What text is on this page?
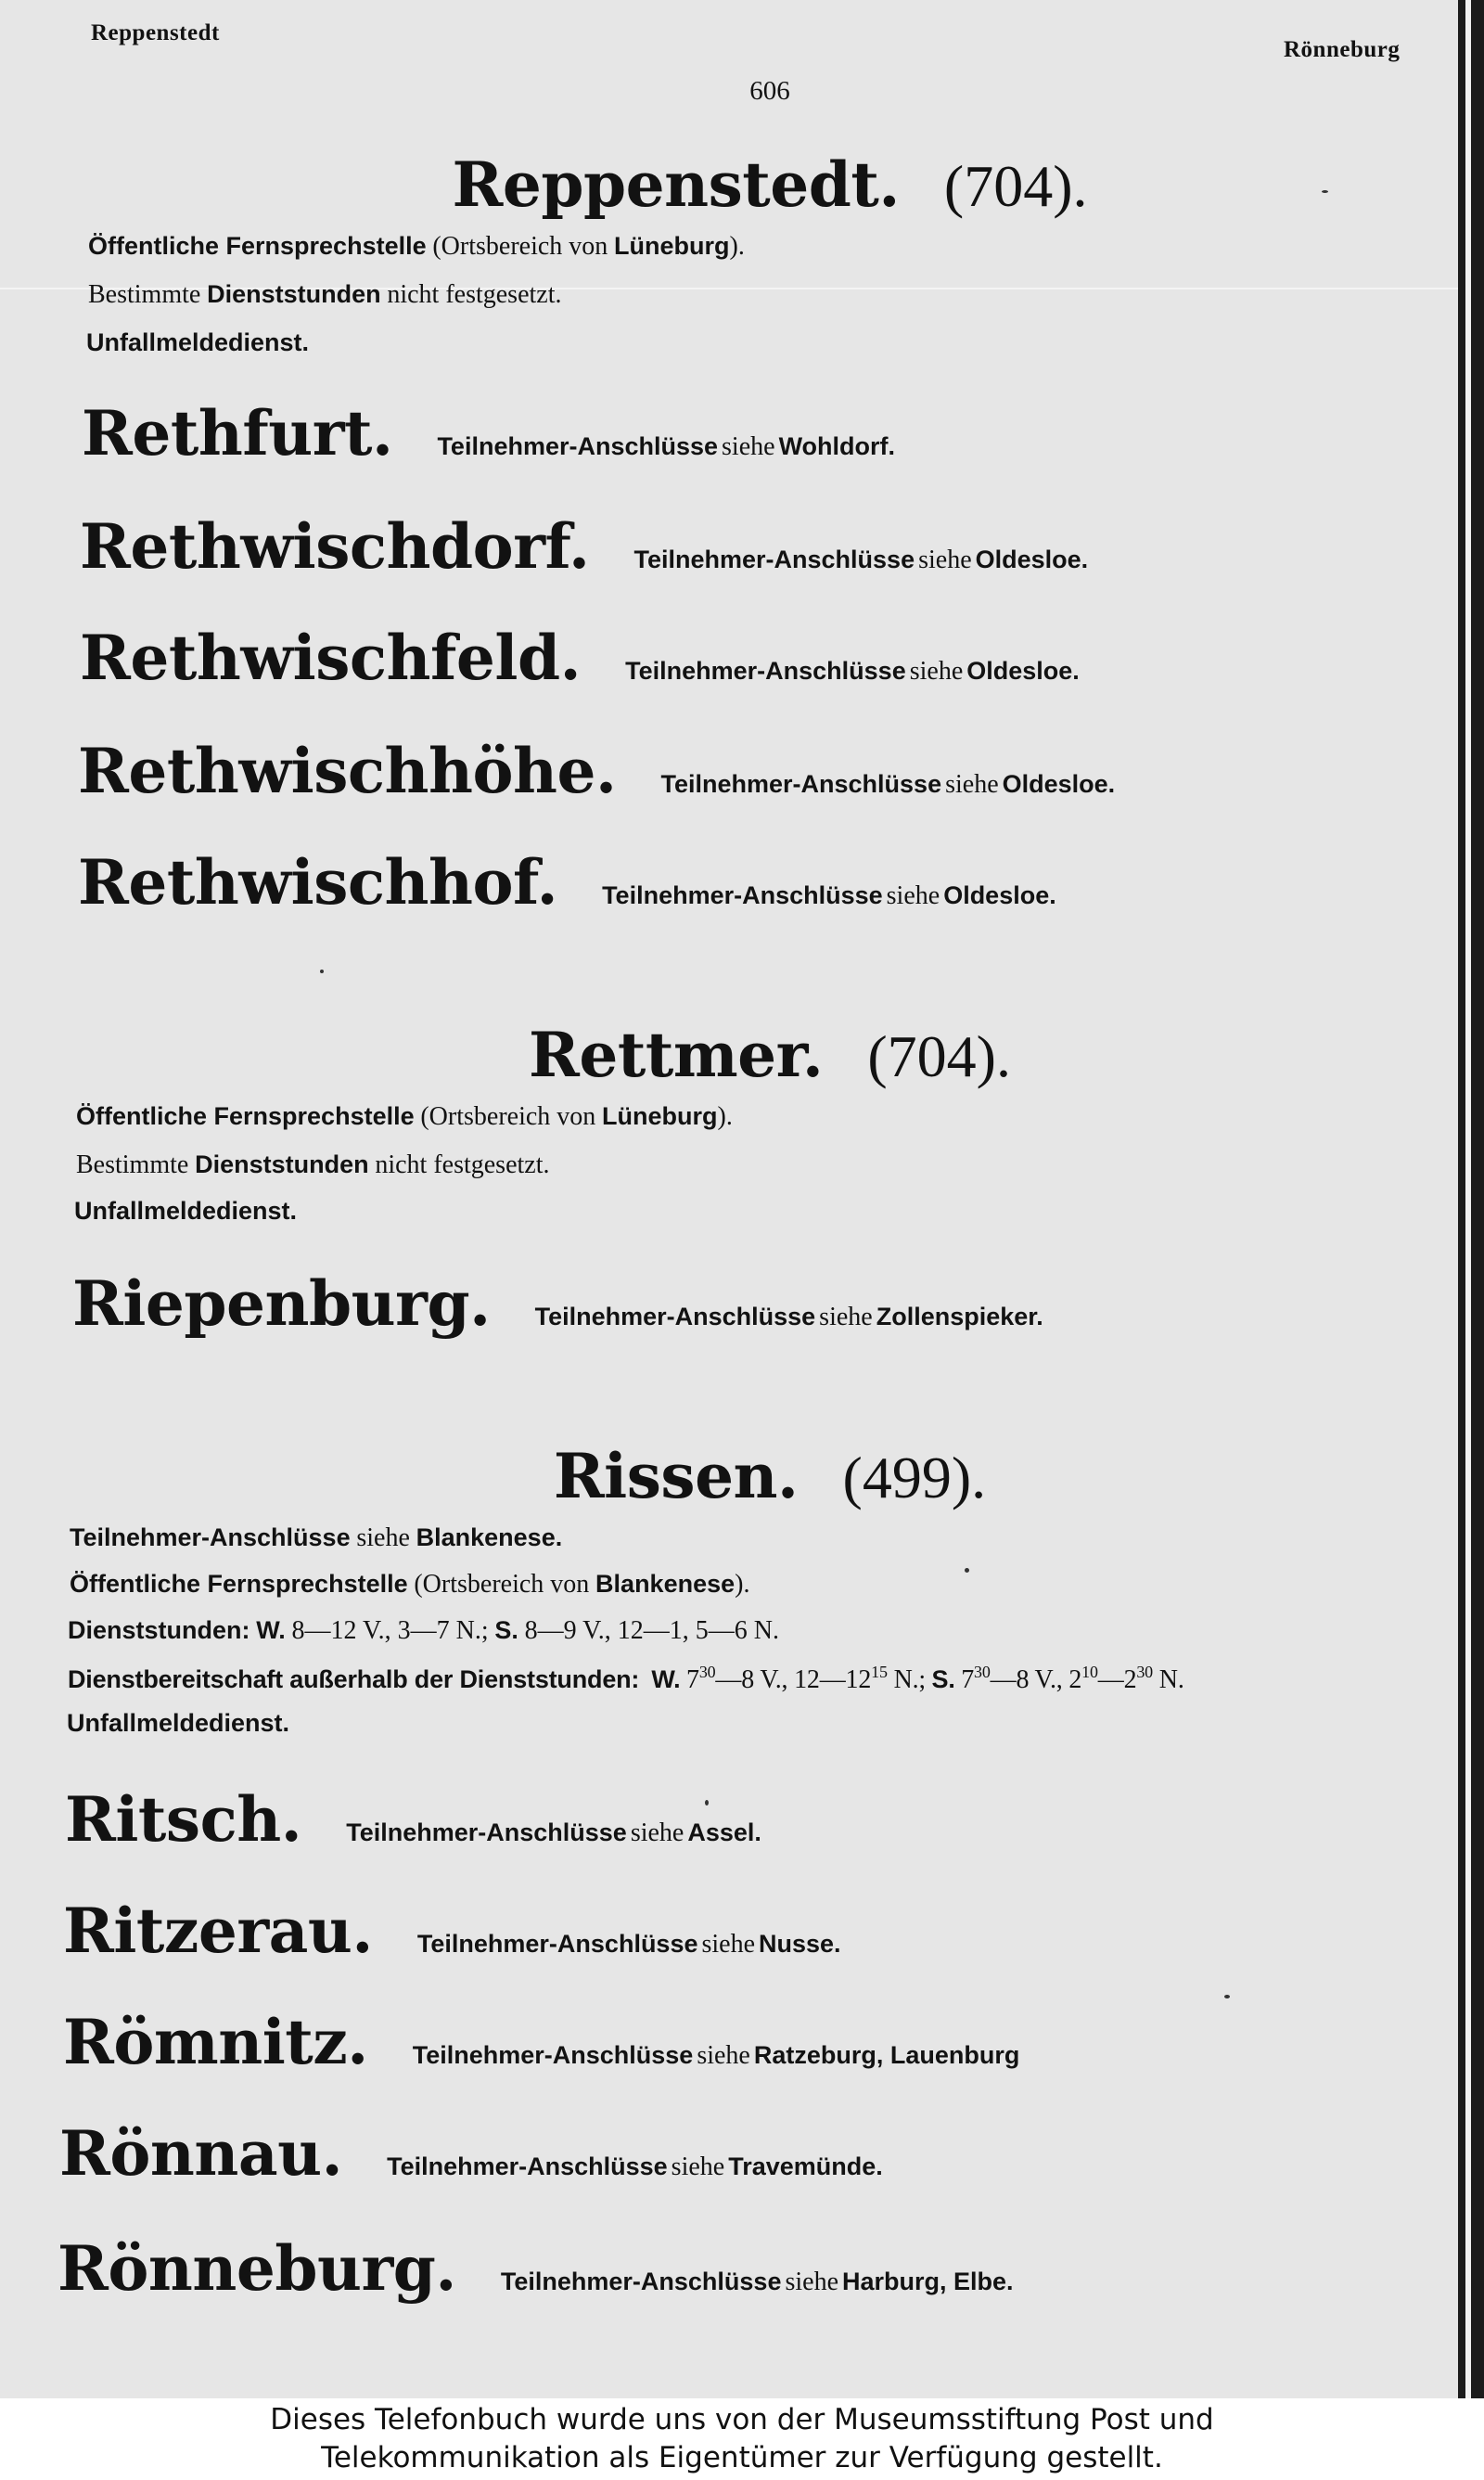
Reppenstedt
Rönneburg
606
Reppenstedt. (704).
Öffentliche Fernsprechstelle (Ortsbereich von Lüneburg).
Bestimmte Dienststunden nicht festgesetzt.
Unfallmeldedienst.
Rethfurt. Teilnehmer-Anschlüsse siehe Wohldorf.
Rethwischdorf. Teilnehmer-Anschlüsse siehe Oldesloe.
Rethwischfeld. Teilnehmer-Anschlüsse siehe Oldesloe.
Rethwischhöhe. Teilnehmer-Anschlüsse siehe Oldesloe.
Rethwischhof. Teilnehmer-Anschlüsse siehe Oldesloe.
Rettmer. (704).
Öffentliche Fernsprechstelle (Ortsbereich von Lüneburg).
Bestimmte Dienststunden nicht festgesetzt.
Unfallmeldedienst.
Riepenburg. Teilnehmer-Anschlüsse siehe Zollenspieker.
Rissen. (499).
Teilnehmer-Anschlüsse siehe Blankenese.
Öffentliche Fernsprechstelle (Ortsbereich von Blankenese).
Dienststunden: W. 8—12 V., 3—7 N.; S. 8—9 V., 12—1, 5—6 N.
Dienstbereitschaft außerhalb der Dienststunden: W. $7^{30}—8$ V., $12—12^{15}$ N.; S. $7^{30}—8$ V., $2^{10}—2^{30}$ N.
Unfallmeldedienst.
Ritsch. Teilnehmer-Anschlüsse siehe Assel.
Ritzerau. Teilnehmer-Anschlüsse siehe Nusse.
Römnitz. Teilnehmer-Anschlüsse siehe Ratzeburg, Lauenburg
Rönnau. Teilnehmer-Anschlüsse siehe Travemünde.
Rönneburg. Teilnehmer-Anschlüsse siehe Harburg, Elbe.
Dieses Telefonbuch wurde uns von der Museumsstiftung Post und
Telekommunikation als Eigentümer zur Verfügung gestellt.
